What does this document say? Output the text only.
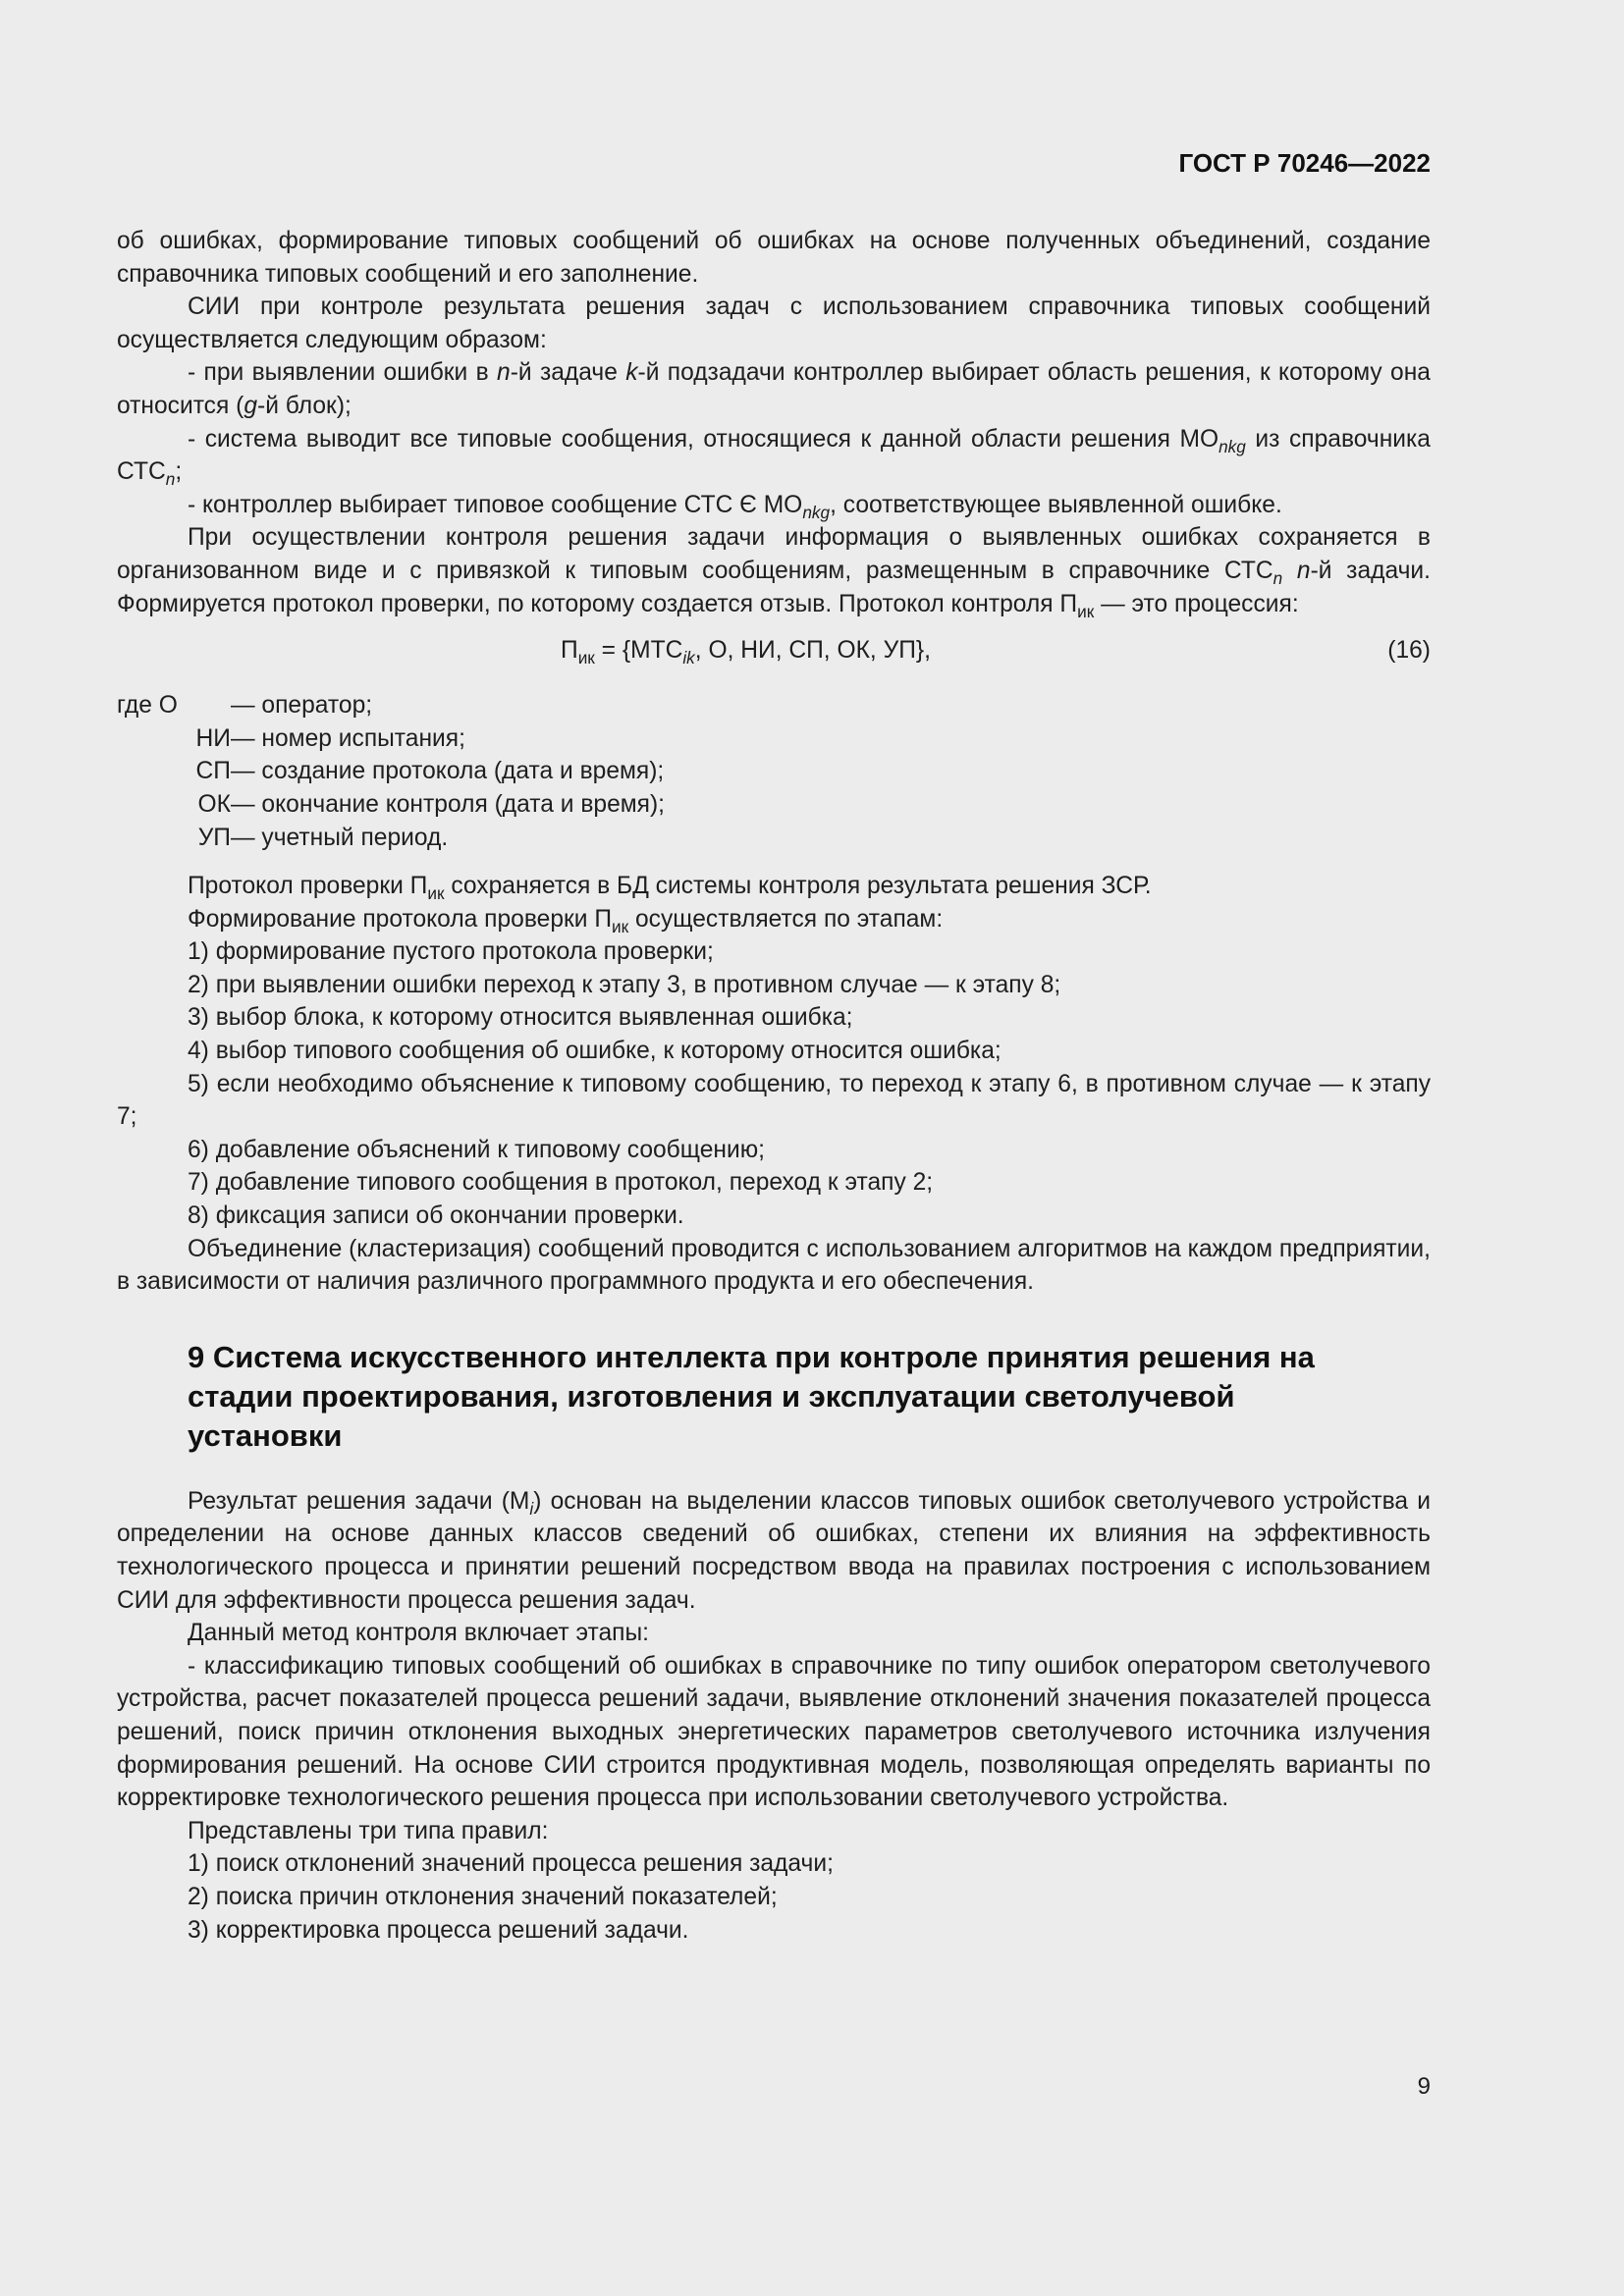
ГОСТ Р 70246—2022

об ошибках, формирование типовых сообщений об ошибках на основе полученных объединений, создание справочника типовых сообщений и его заполнение.

СИИ при контроле результата решения задач с использованием справочника типовых сообщений осуществляется следующим образом:

- при выявлении ошибки в n-й задаче k-й подзадачи контроллер выбирает область решения, к которому она относится (g-й блок);

- система выводит все типовые сообщения, относящиеся к данной области решения $МО_{nkg}$ из справочника $СТС_n$;

- контроллер выбирает типовое сообщение СТС Є $МО_{nkg}$, соответствующее выявленной ошибке.

При осуществлении контроля решения задачи информация о выявленных ошибках сохраняется в организованном виде и с привязкой к типовым сообщениям, размещенным в справочнике $СТС_n$ n-й задачи. Формируется протокол проверки, по которому создается отзыв. Протокол контроля $П_{ик}$ — это процессия:

$П_{ик} = \{МТС_{ik}$, О, НИ, СП, ОК, УП},	(16)
где О	— оператор;
НИ — номер испытания;
СП — создание протокола (дата и время);
ОК — окончание контроля (дата и время);
УП — учетный период.

Протокол проверки $П_{ик}$ сохраняется в БД системы контроля результата решения ЗСР.

Формирование протокола проверки $П_{ик}$ осуществляется по этапам:

1) формирование пустого протокола проверки;

2) при выявлении ошибки переход к этапу 3, в противном случае — к этапу 8;

3) выбор блока, к которому относится выявленная ошибка;

4) выбор типового сообщения об ошибке, к которому относится ошибка;

5) если необходимо объяснение к типовому сообщению, то переход к этапу 6, в противном случае — к этапу 7;

6) добавление объяснений к типовому сообщению;

7) добавление типового сообщения в протокол, переход к этапу 2;

8) фиксация записи об окончании проверки.

Объединение (кластеризация) сообщений проводится с использованием алгоритмов на каждом предприятии, в зависимости от наличия различного программного продукта и его обеспечения.

9 Система искусственного интеллекта при контроле принятия решения на стадии проектирования, изготовления и эксплуатации светолучевой установки

Результат решения задачи $(М_i)$ основан на выделении классов типовых ошибок светолучевого устройства и определении на основе данных классов сведений об ошибках, степени их влияния на эффективность технологического процесса и принятии решений посредством ввода на правилах построения с использованием СИИ для эффективности процесса решения задач.

Данный метод контроля включает этапы:

- классификацию типовых сообщений об ошибках в справочнике по типу ошибок оператором светолучевого устройства, расчет показателей процесса решений задачи, выявление отклонений значения показателей процесса решений, поиск причин отклонения выходных энергетических параметров светолучевого источника излучения формирования решений. На основе СИИ строится продуктивная модель, позволяющая определять варианты по корректировке технологического решения процесса при использовании светолучевого устройства.

Представлены три типа правил:

1) поиск отклонений значений процесса решения задачи;

2) поиска причин отклонения значений показателей;

3) корректировка процесса решений задачи.

9
